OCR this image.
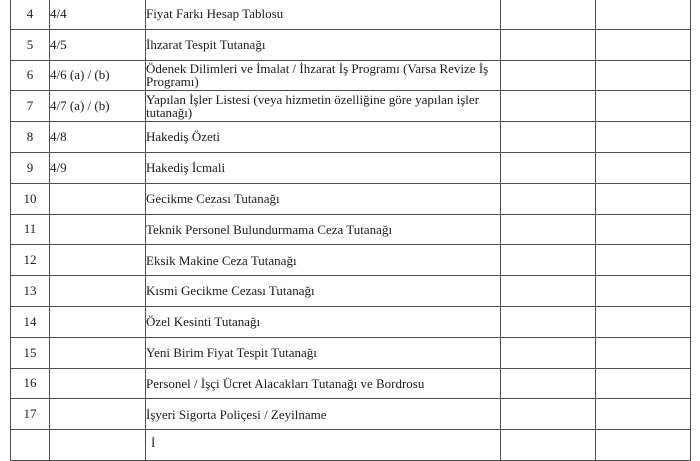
4	4/4	Fiyat Farkı Hesap Tablosu		
5	4/5	İhzarat Tespit Tutanağı		
6	4/6 (a) / (b)	Ödenek Dilimleri ve İmalat / İhzarat İş Programı (Varsa Revize İş Programı)		
7	4/7 (a) / (b)	Yapılan İşler Listesi (veya hizmetin özelliğine göre yapılan işler tutanağı)		
8	4/8	Hakediş Özeti		
9	4/9	Hakediş İcmali		
10		Gecikme Cezası Tutanağı		
11		Teknik Personel Bulundurmama Ceza Tutanağı		
12		Eksik Makine Ceza Tutanağı		
13		Kısmi Gecikme Cezası Tutanağı		
14		Özel Kesinti Tutanağı		
15		Yeni Birim Fiyat Tespit Tutanağı		
16		Personel / İşçi Ücret Alacakları Tutanağı ve Bordrosu		
17		İşyeri Sigorta Poliçesi / Zeyilname		

İ
